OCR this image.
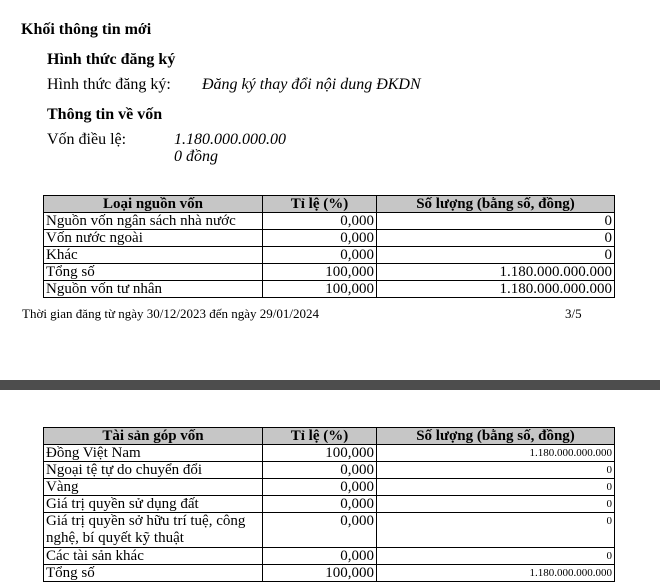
Khối thông tin mới
Hình thức đăng ký
Hình thức đăng ký: Đăng ký thay đổi nội dung ĐKDN
Thông tin về vốn
Vốn điều lệ:	1.180.000.000.00
0 đồng
Loại nguồn vốn	Tỉ lệ (%)	Số lượng (bằng số, đồng)
Nguồn vốn ngân sách nhà nước	0,000	0
Vốn nước ngoài	0,000	0
Khác	0,000	0
Tổng số	100,000	1.180.000.000.000
Nguồn vốn tư nhân	100,000	1.180.000.000.000
Thời gian đăng từ ngày 30/12/2023 đến ngày 29/01/2024	3/5
Tài sản góp vốn	Tỉ lệ (%)	Số lượng (bằng số, đồng)
Đồng Việt Nam	100,000	1.180.000.000.000
Ngoại tệ tự do chuyển đổi	0,000	0
Vàng	0,000	0
Giá trị quyền sử dụng đất	0,000	0
Giá trị quyền sở hữu trí tuệ, công
nghệ, bí quyết kỹ thuật	0,000	0
Các tài sản khác	0,000	0
Tổng số	100,000	1.180.000.000.000
